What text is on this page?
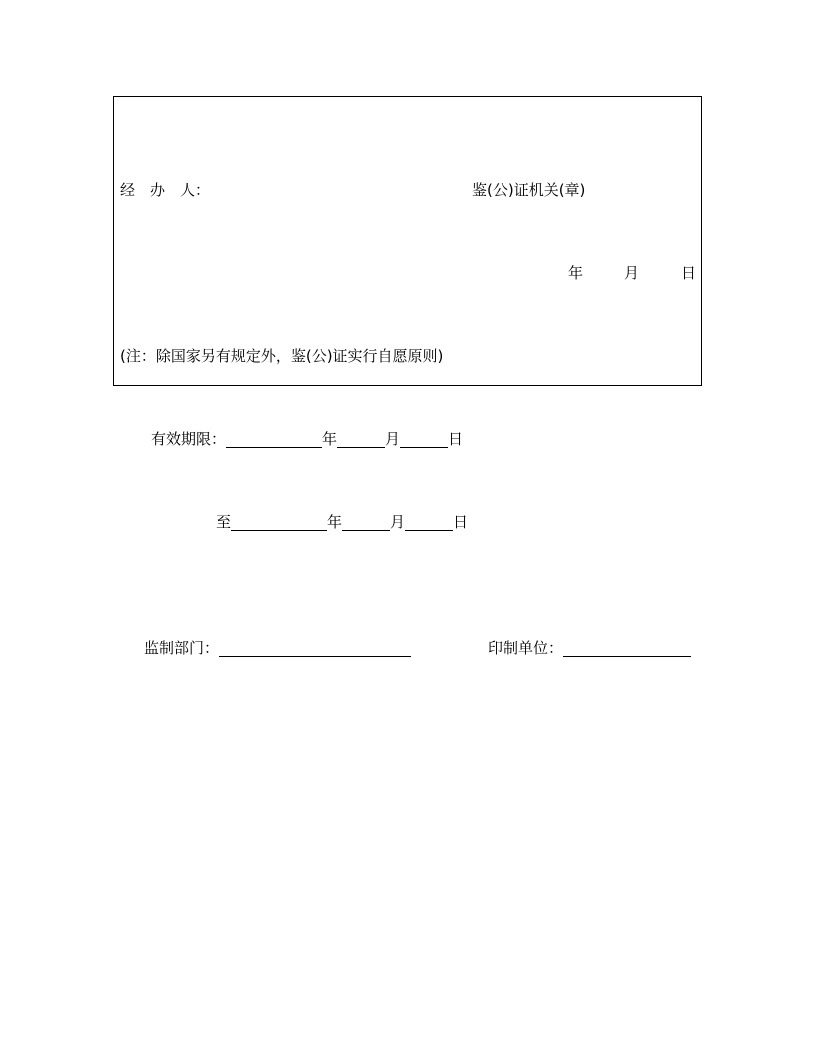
经　办　人：	鉴(公)证机关(章)
年	月	日
(注：除国家另有规定外，鉴(公)证实行自愿原则)
有效期限：	年	月	日
至	年	月	日
监制部门：	印制单位：
